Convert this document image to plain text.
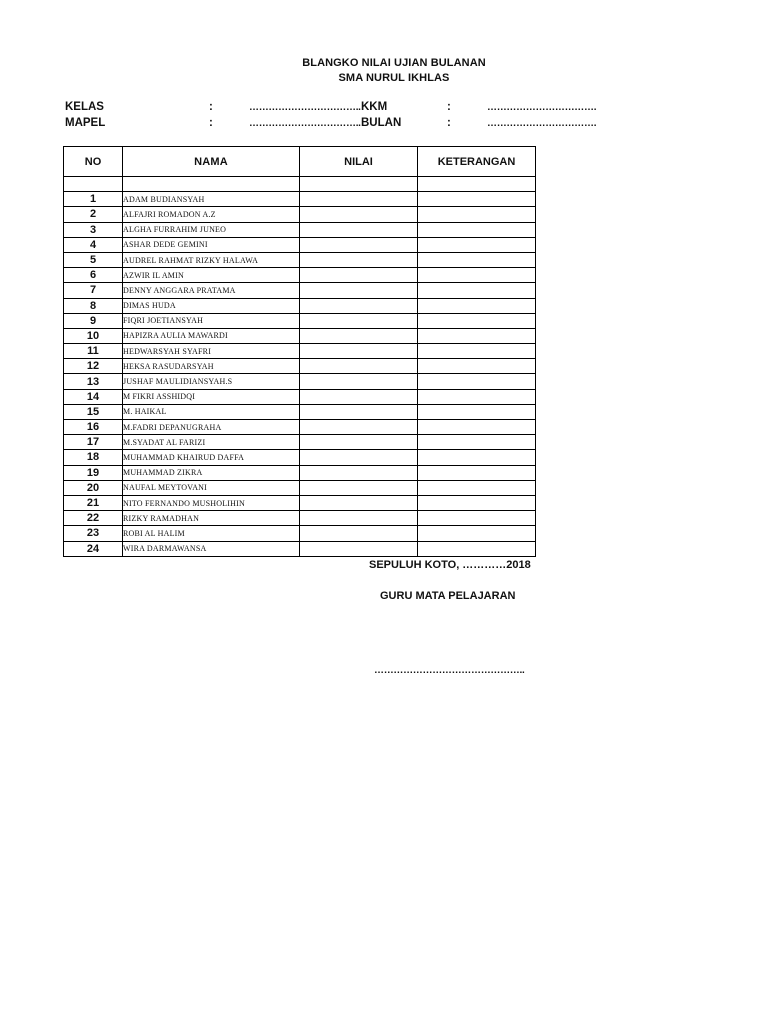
BLANGKO NILAI UJIAN BULANAN
SMA NURUL IKHLAS
KELAS	:	…………………………….. KKM	:	…………………………….
MAPEL	:	…………………………….. BULAN	:	…………………………….
NO	NAMA	NILAI	KETERANGAN

1	ADAM BUDIANSYAH		
2	ALFAJRI ROMADON A.Z		
3	ALGHA FURRAHIM JUNEO		
4	ASHAR DEDE GEMINI		
5	AUDREL RAHMAT RIZKY HALAWA		
6	AZWIR IL AMIN		
7	DENNY ANGGARA PRATAMA		
8	DIMAS HUDA		
9	FIQRI JOETIANSYAH		
10	HAPIZRA AULIA MAWARDI		
11	HEDWARSYAH SYAFRI		
12	HEKSA RASUDARSYAH		
13	JUSHAF MAULIDIANSYAH.S		
14	M FIKRI ASSHIDQI		
15	M. HAIKAL		
16	M.FADRI DEPANUGRAHA		
17	M.SYADAT AL FARIZI		
18	MUHAMMAD KHAIRUD DAFFA		
19	MUHAMMAD ZIKRA		
20	NAUFAL MEYTOVANI		
21	NITO FERNANDO MUSHOLIHIN		
22	RIZKY RAMADHAN		
23	ROBI AL HALIM		
24	WIRA DARMAWANSA		
SEPULUH KOTO, …………2018
GURU MATA PELAJARAN
………………………………………..
